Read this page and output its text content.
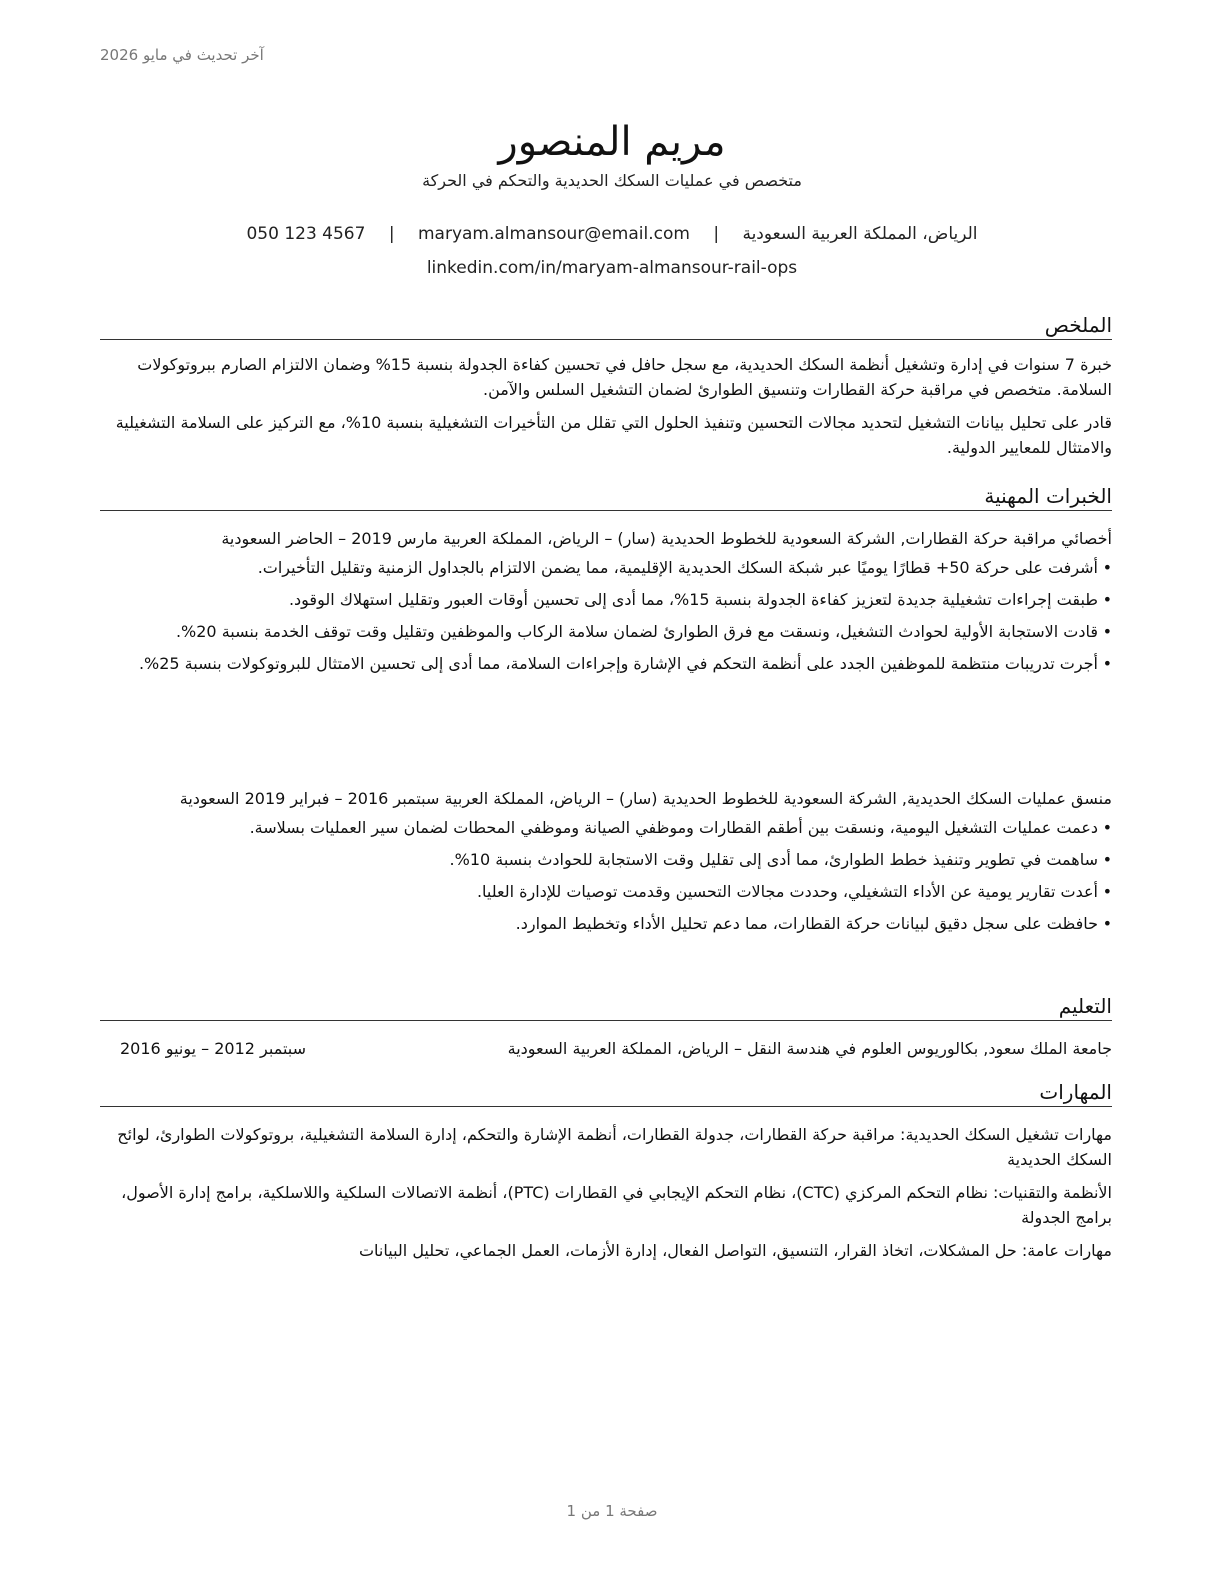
آخر تحديث في مايو 2026
مريم المنصور
متخصص في عمليات السكك الحديدية والتحكم في الحركة
الرياض، المملكة العربية السعودية | maryam.almansour@email.com | 050 123 4567
linkedin.com/in/maryam-almansour-rail-ops
الملخص

خبرة 7 سنوات في إدارة وتشغيل أنظمة السكك الحديدية، مع سجل حافل في تحسين كفاءة الجدولة بنسبة 15% وضمان الالتزام الصارم ببروتوكولات السلامة. متخصص في مراقبة حركة القطارات وتنسيق الطوارئ لضمان التشغيل السلس والآمن.

قادر على تحليل بيانات التشغيل لتحديد مجالات التحسين وتنفيذ الحلول التي تقلل من التأخيرات التشغيلية بنسبة 10%، مع التركيز على السلامة التشغيلية والامتثال للمعايير الدولية.

الخبرات المهنية
أخصائي مراقبة حركة القطارات, الشركة السعودية للخطوط الحديدية (سار) – الرياض، المملكة العربية مارس 2019 – الحاضر السعودية
• أشرفت على حركة 50+ قطارًا يوميًا عبر شبكة السكك الحديدية الإقليمية، مما يضمن الالتزام بالجداول الزمنية وتقليل التأخيرات.
• طبقت إجراءات تشغيلية جديدة لتعزيز كفاءة الجدولة بنسبة 15%، مما أدى إلى تحسين أوقات العبور وتقليل استهلاك الوقود.
• قادت الاستجابة الأولية لحوادث التشغيل، ونسقت مع فرق الطوارئ لضمان سلامة الركاب والموظفين وتقليل وقت توقف الخدمة بنسبة 20%.
• أجرت تدريبات منتظمة للموظفين الجدد على أنظمة التحكم في الإشارة وإجراءات السلامة، مما أدى إلى تحسين الامتثال للبروتوكولات بنسبة 25%.
منسق عمليات السكك الحديدية, الشركة السعودية للخطوط الحديدية (سار) – الرياض، المملكة العربية سبتمبر 2016 – فبراير 2019 السعودية
• دعمت عمليات التشغيل اليومية، ونسقت بين أطقم القطارات وموظفي الصيانة وموظفي المحطات لضمان سير العمليات بسلاسة.
• ساهمت في تطوير وتنفيذ خطط الطوارئ، مما أدى إلى تقليل وقت الاستجابة للحوادث بنسبة 10%.
• أعدت تقارير يومية عن الأداء التشغيلي، وحددت مجالات التحسين وقدمت توصيات للإدارة العليا.
• حافظت على سجل دقيق لبيانات حركة القطارات، مما دعم تحليل الأداء وتخطيط الموارد.
التعليم
جامعة الملك سعود, بكالوريوس العلوم في هندسة النقل – الرياض، المملكة العربية السعودية
سبتمبر 2012 – يونيو 2016
المهارات

مهارات تشغيل السكك الحديدية: مراقبة حركة القطارات، جدولة القطارات، أنظمة الإشارة والتحكم، إدارة السلامة التشغيلية، بروتوكولات الطوارئ، لوائح السكك الحديدية

الأنظمة والتقنيات: نظام التحكم المركزي (CTC)، نظام التحكم الإيجابي في القطارات (PTC)، أنظمة الاتصالات السلكية واللاسلكية، برامج إدارة الأصول، برامج الجدولة

مهارات عامة: حل المشكلات، اتخاذ القرار، التنسيق، التواصل الفعال، إدارة الأزمات، العمل الجماعي، تحليل البيانات

صفحة 1 من 1
